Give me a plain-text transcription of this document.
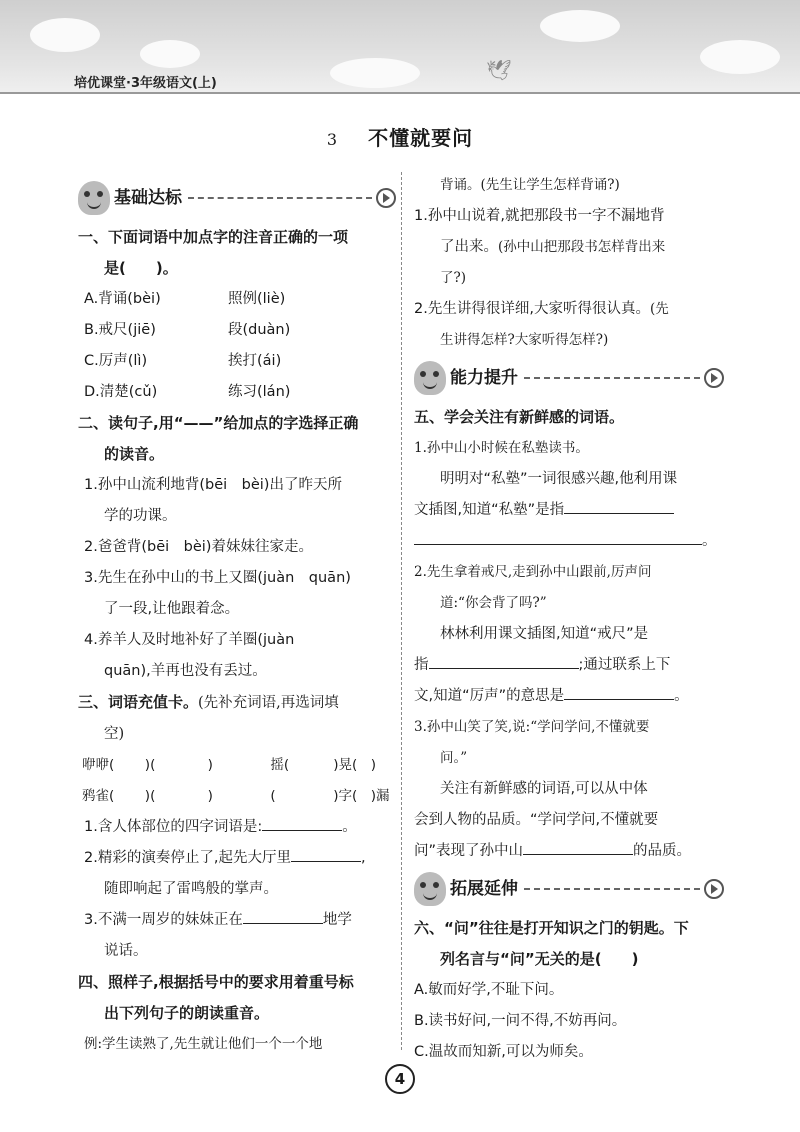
🕊
培优课堂·3年级语文(上)
3 不懂就要问
基础达标

一、下面词语中加点字的注音正确的一项

是(　　)。

A.背诵(bèi)	照例(liè)
B.戒尺(jiē)	段(duàn)
C.厉声(lì)	挨打(ái)
D.清楚(cǔ)	练习(lán)

二、读句子,用“——”给加点的字选择正确

的读音。

1.孙中山流利地背(bēi　bèi)出了昨天所

学的功课。

2.爸爸背(bēi　bèi)着妹妹往家走。

3.先生在孙中山的书上又圈(juàn　quān)

了一段,让他跟着念。

4.养羊人及时地补好了羊圈(juàn

quān),羊再也没有丢过。

三、词语充值卡。(先补充词语,再选词填

空)

咿咿(	)(	)	摇(	)晃(　 )
鸦雀(	)(	)	(	)字(　 )漏

1.含人体部位的四字词语是:	。

2.精彩的演奏停止了,起先大厅里	,

随即响起了雷鸣般的掌声。

3.不满一周岁的妹妹正在	地学

说话。

四、照样子,根据括号中的要求用着重号标

出下列句子的朗读重音。

例:学生读熟了,先生就让他们一个一个地

背诵。(先生让学生怎样背诵?)

1.孙中山说着,就把那段书一字不漏地背

了出来。(孙中山把那段书怎样背出来

了?)

2.先生讲得很详细,大家听得很认真。(先

生讲得怎样?大家听得怎样?)

能力提升

五、学会关注有新鲜感的词语。

1.孙中山小时候在私塾读书。

明明对“私塾”一词很感兴趣,他利用课

文插图,知道“私塾”是指

。

2.先生拿着戒尺,走到孙中山跟前,厉声问

道:“你会背了吗?”

林林利用课文插图,知道“戒尺”是

指	;通过联系上下

文,知道“厉声”的意思是	。

3.孙中山笑了笑,说:“学问学问,不懂就要

问。”

关注有新鲜感的词语,可以从中体

会到人物的品质。“学问学问,不懂就要

问”表现了孙中山	的品质。

拓展延伸

六、“问”往往是打开知识之门的钥匙。下

列名言与“问”无关的是(　　)

A.敏而好学,不耻下问。

B.读书好问,一问不得,不妨再问。

C.温故而知新,可以为师矣。

4
